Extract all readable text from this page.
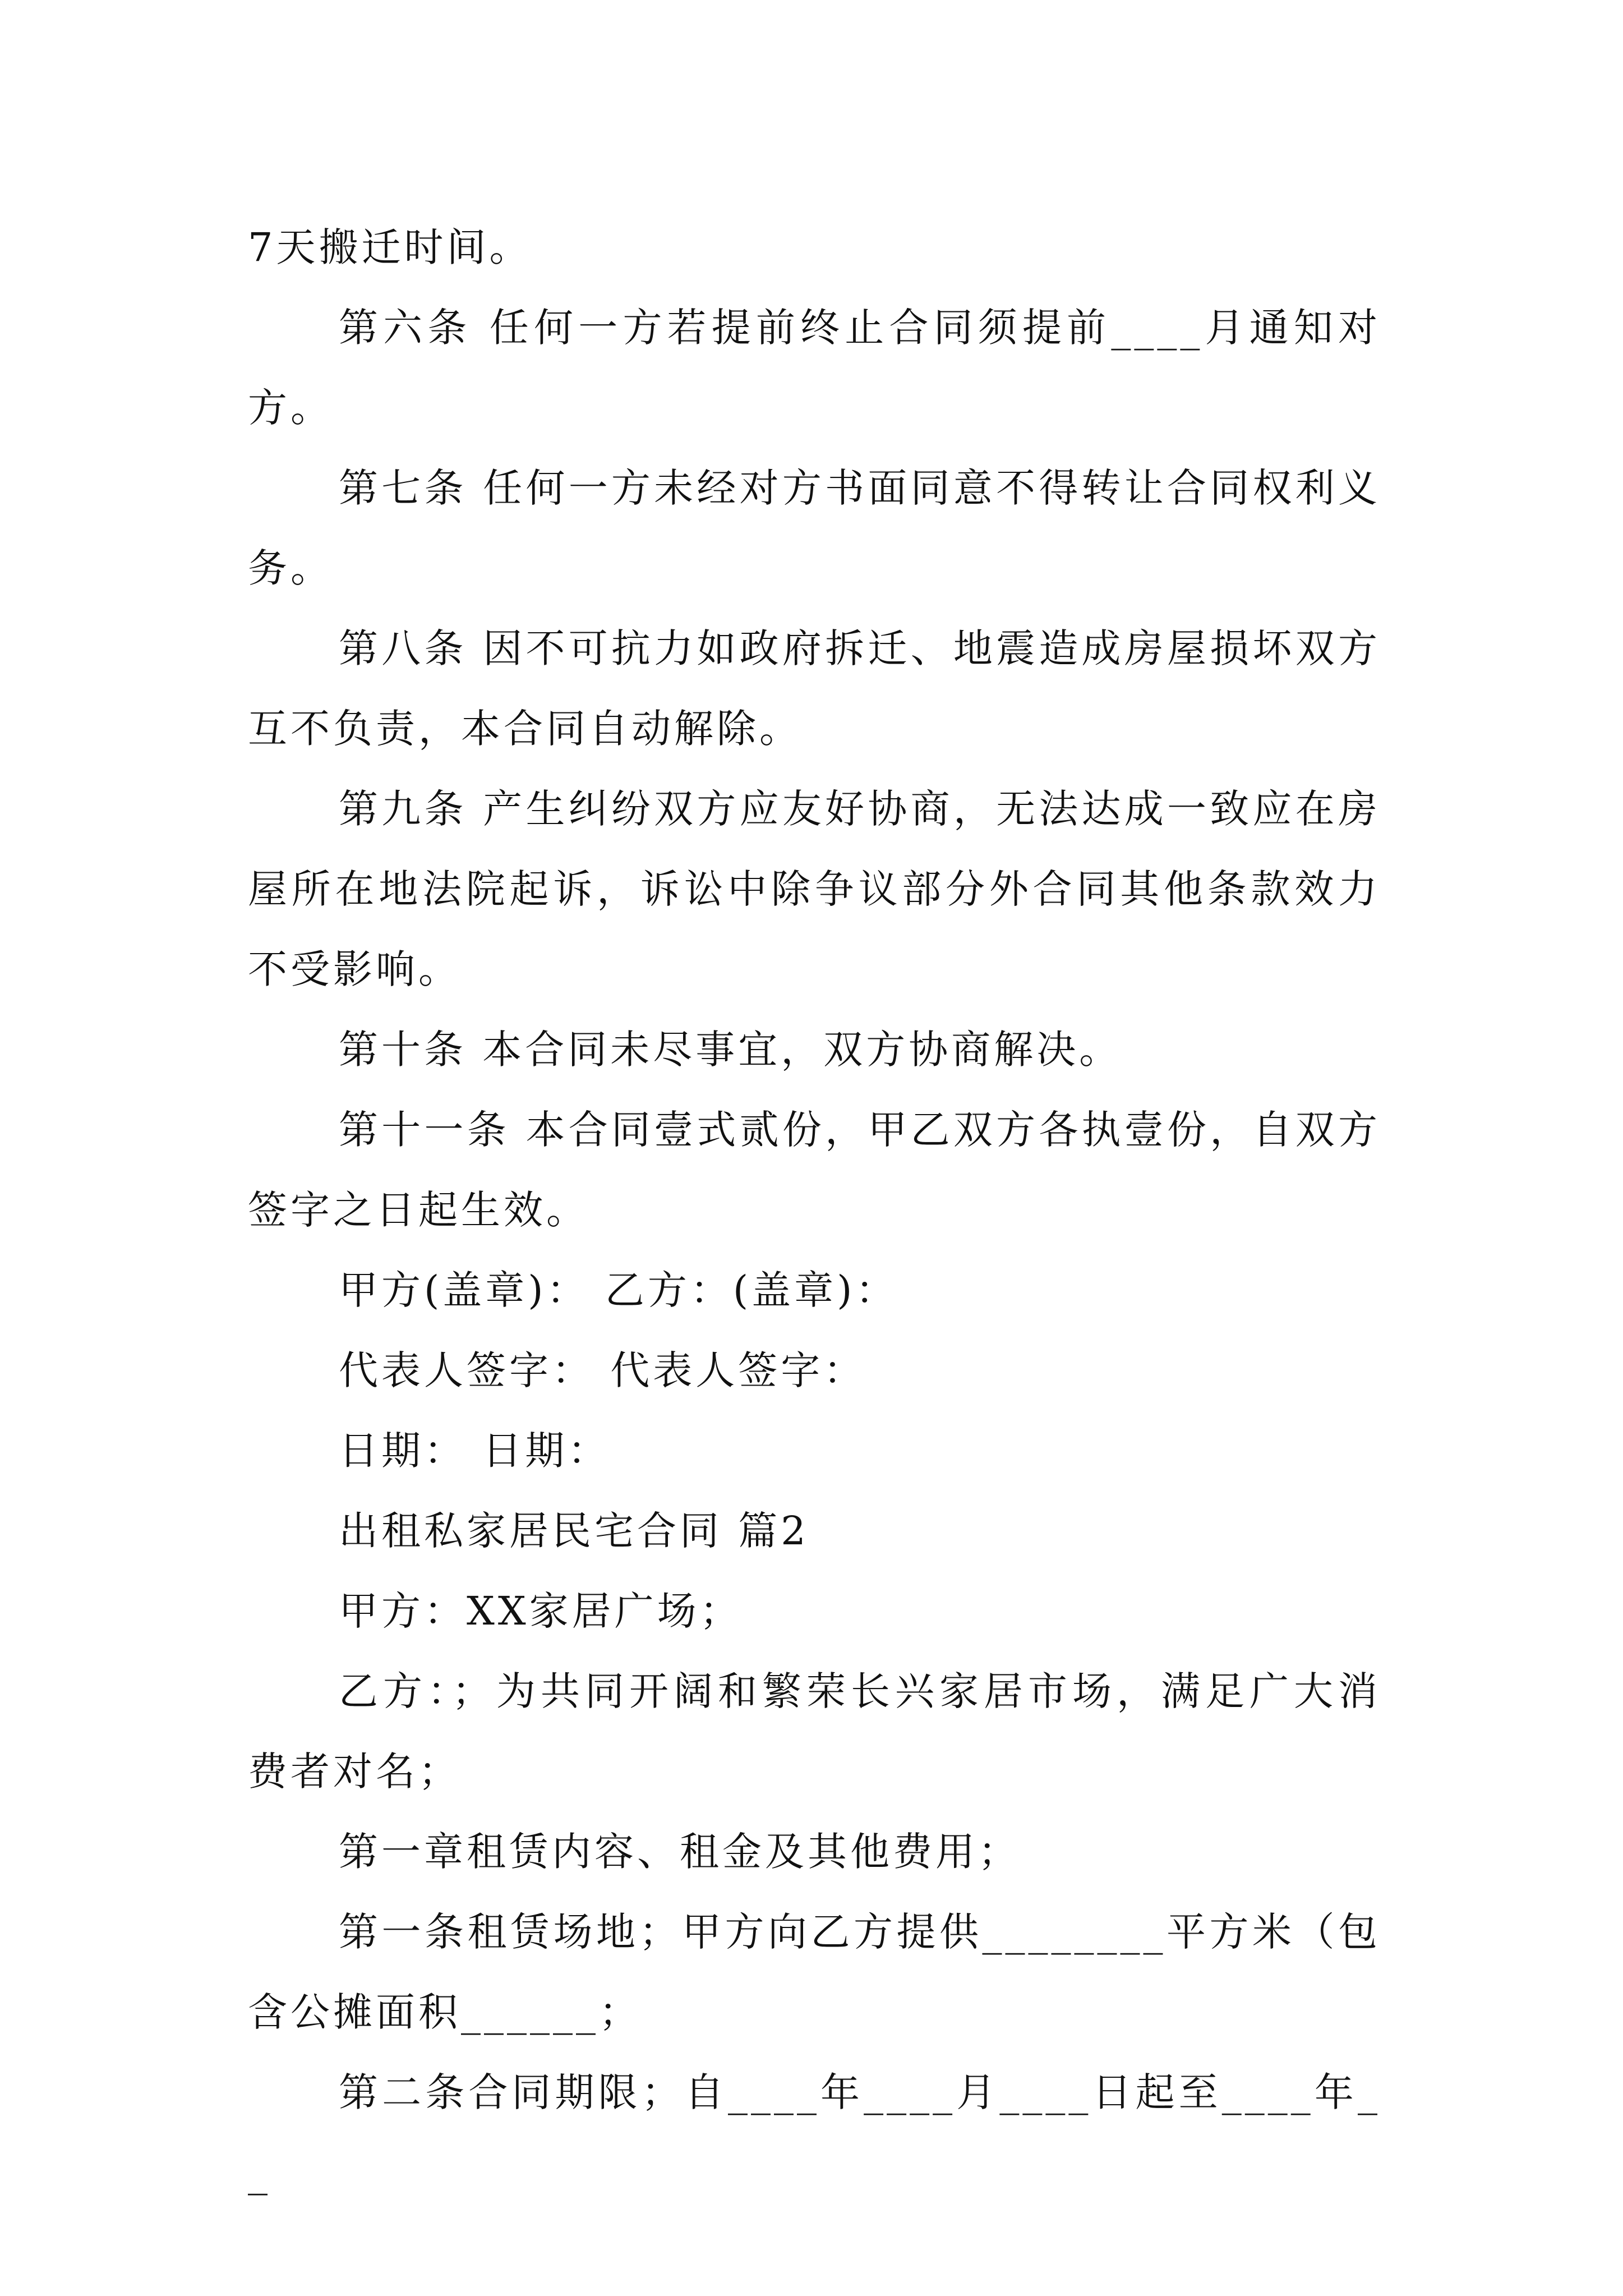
7天搬迁时间。

第六条 任何一方若提前终止合同须提前____月通知对方。

第七条 任何一方未经对方书面同意不得转让合同权利义务。

第八条 因不可抗力如政府拆迁、地震造成房屋损坏双方互不负责，本合同自动解除。

第九条 产生纠纷双方应友好协商，无法达成一致应在房屋所在地法院起诉，诉讼中除争议部分外合同其他条款效力不受影响。

第十条 本合同未尽事宜，双方协商解决。

第十一条 本合同壹式贰份，甲乙双方各执壹份，自双方签字之日起生效。

甲方(盖章)： 乙方：(盖章)：

代表人签字： 代表人签字：

日期： 日期：

出租私家居民宅合同 篇2

甲方：XX家居广场；

乙方：；为共同开阔和繁荣长兴家居市场，满足广大消费者对名；

第一章租赁内容、租金及其他费用；

第一条租赁场地；甲方向乙方提供________平方米（包含公摊面积______；

第二条合同期限；自____年____月____日起至____年__
